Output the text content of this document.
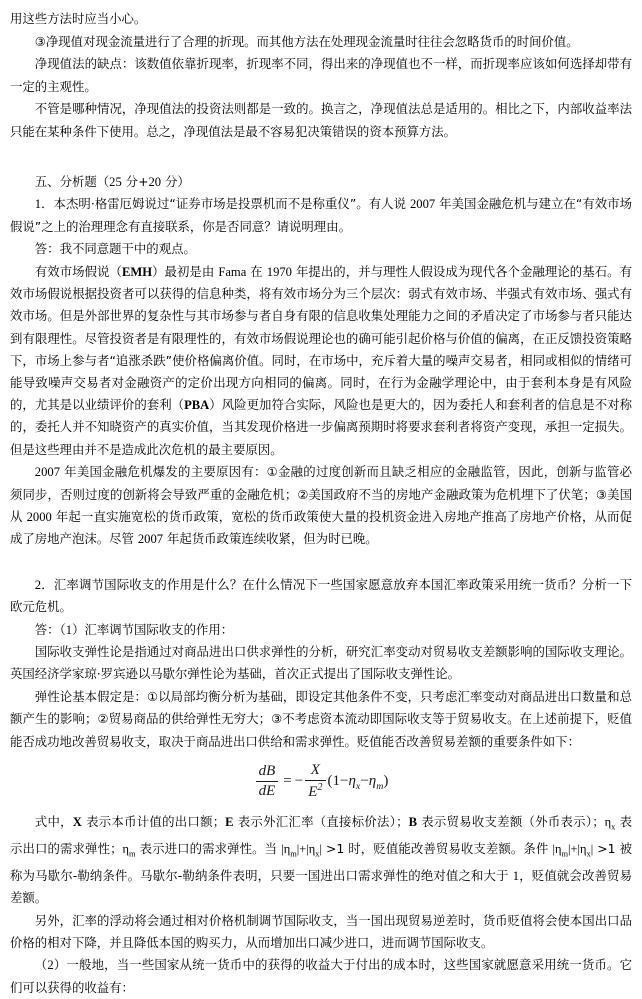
用这些方法时应当小心。

③净现值对现金流量进行了合理的折现。而其他方法在处理现金流量时往往会忽略货币的时间价值。

净现值法的缺点：该数值依靠折现率，折现率不同，得出来的净现值也不一样，而折现率应该如何选择却带有一定的主观性。

不管是哪种情况，净现值法的投资法则都是一致的。换言之，净现值法总是适用的。相比之下，内部收益率法只能在某种条件下使用。总之，净现值法是最不容易犯决策错误的资本预算方法。

五、分析题（25 分+20 分）

1．本杰明·格雷厄姆说过“证券市场是投票机而不是称重仪”。有人说 2007 年美国金融危机与建立在“有效市场假说”之上的治理理念有直接联系，你是否同意？请说明理由。

答：我不同意题干中的观点。

有效市场假说（EMH）最初是由 Fama 在 1970 年提出的，并与理性人假设成为现代各个金融理论的基石。有效市场假说根据投资者可以获得的信息种类，将有效市场分为三个层次：弱式有效市场、半强式有效市场、强式有效市场。但是外部世界的复杂性与其市场参与者自身有限的信息收集处理能力之间的矛盾决定了市场参与者只能达到有限理性。尽管投资者是有限理性的，有效市场假说理论也的确可能引起价格与价值的偏离，在正反馈投资策略下，市场上参与者“追涨杀跌”使价格偏离价值。同时，在市场中，充斥着大量的噪声交易者，相同或相似的情绪可能导致噪声交易者对金融资产的定价出现方向相同的偏离。同时，在行为金融学理论中，由于套利本身是有风险的，尤其是以业绩评价的套利（PBA）风险更加符合实际，风险也是更大的，因为委托人和套利者的信息是不对称的，委托人并不知晓资产的真实价值，当其发现价格进一步偏离预期时将要求套利者将资产变现，承担一定损失。但是这些理由并不是造成此次危机的最主要原因。

2007 年美国金融危机爆发的主要原因有：①金融的过度创新而且缺乏相应的金融监管，因此，创新与监管必须同步，否则过度的创新将会导致严重的金融危机；②美国政府不当的房地产金融政策为危机埋下了伏笔；③美国从 2000 年起一直实施宽松的货币政策，宽松的货币政策使大量的投机资金进入房地产推高了房地产价格，从而促成了房地产泡沫。尽管 2007 年起货币政策连续收紧，但为时已晚。

2．汇率调节国际收支的作用是什么？在什么情况下一些国家愿意放弃本国汇率政策采用统一货币？分析一下欧元危机。

答：（1）汇率调节国际收支的作用：

国际收支弹性论是指通过对商品进出口供求弹性的分析，研究汇率变动对贸易收支差额影响的国际收支理论。英国经济学家琼·罗宾逊以马歇尔弹性论为基础，首次正式提出了国际收支弹性论。

弹性论基本假定是：①以局部均衡分析为基础，即设定其他条件不变，只考虑汇率变动对商品进出口数量和总额产生的影响；②贸易商品的供给弹性无穷大；③不考虑资本流动即国际收支等于贸易收支。在上述前提下，贬值能否成功地改善贸易收支，取决于商品进出口供给和需求弹性。贬值能否改善贸易差额的重要条件如下：

$\frac{dB}{dE}$ = − $\frac{X}{E^2} (1-\eta_x-\eta_m)$

式中，X 表示本币计值的出口额；E 表示外汇汇率（直接标价法）；B 表示贸易收支差额（外币表示）；$\eta_x$ 表示出口的需求弹性；$\eta_m$ 表示进口的需求弹性。当 $|\eta_m|+|\eta_x| >1$ 时，贬值能改善贸易收支差额。条件 $|\eta_m|+|\eta_x| >1$ 被称为马歇尔-勒纳条件。马歇尔-勒纳条件表明，只要一国进出口需求弹性的绝对值之和大于 1，贬值就会改善贸易差额。

另外，汇率的浮动将会通过相对价格机制调节国际收支，当一国出现贸易逆差时，货币贬值将会使本国出口品价格的相对下降，并且降低本国的购买力，从而增加出口减少进口，进而调节国际收支。

（2）一般地，当一些国家从统一货币中的获得的收益大于付出的成本时，这些国家就愿意采用统一货币。它们可以获得的收益有：
